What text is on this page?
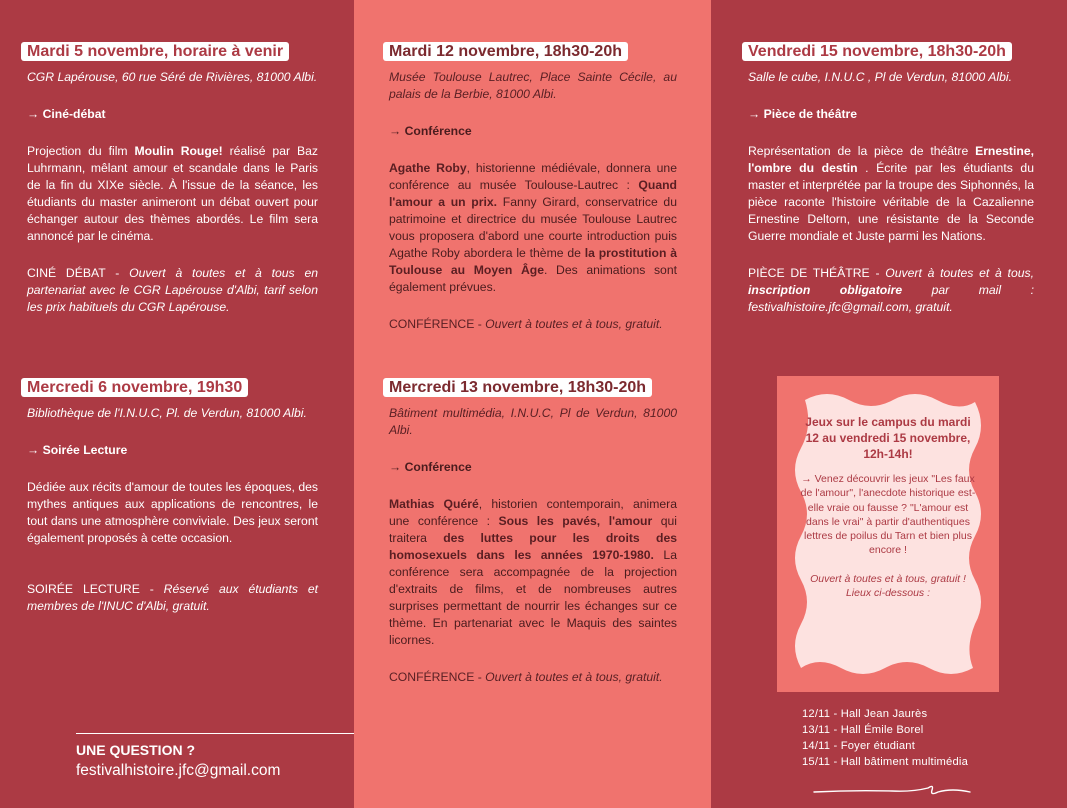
Mardi 5 novembre, horaire à venir

CGR Lapérouse, 60 rue Séré de Rivières, 81000 Albi.

→ Ciné-débat

Projection du film Moulin Rouge! réalisé par Baz Luhrmann, mêlant amour et scandale dans le Paris de la fin du XIXe siècle. À l'issue de la séance, les étudiants du master animeront un débat ouvert pour échanger autour des thèmes abordés. Le film sera annoncé par le cinéma.

CINÉ DÉBAT - Ouvert à toutes et à tous en partenariat avec le CGR Lapérouse d'Albi, tarif selon les prix habituels du CGR Lapérouse.

Mercredi 6 novembre, 19h30

Bibliothèque de l'I.N.U.C, Pl. de Verdun, 81000 Albi.

→ Soirée Lecture

Dédiée aux récits d'amour de toutes les époques, des mythes antiques aux applications de rencontres, le tout dans une atmosphère conviviale. Des jeux seront également proposés à cette occasion.

SOIRÉE LECTURE - Réservé aux étudiants et membres de l'INUC d'Albi, gratuit.

UNE QUESTION ?
festivalhistoire.jfc@gmail.com
Mardi 12 novembre, 18h30-20h

Musée Toulouse Lautrec, Place Sainte Cécile, au palais de la Berbie, 81000 Albi.

→ Conférence

Agathe Roby, historienne médiévale, donnera une conférence au musée Toulouse-Lautrec : Quand l'amour a un prix. Fanny Girard, conservatrice du patrimoine et directrice du musée Toulouse Lautrec vous proposera d'abord une courte introduction puis Agathe Roby abordera le thème de la prostitution à Toulouse au Moyen Âge. Des animations sont également prévues.

CONFÉRENCE - Ouvert à toutes et à tous, gratuit.

Mercredi 13 novembre, 18h30-20h

Bâtiment multimédia, I.N.U.C, Pl de Verdun, 81000 Albi.

→ Conférence

Mathias Quéré, historien contemporain, animera une conférence : Sous les pavés, l'amour qui traitera des luttes pour les droits des homosexuels dans les années 1970-1980. La conférence sera accompagnée de la projection d'extraits de films, et de nombreuses autres surprises permettant de nourrir les échanges sur ce thème. En partenariat avec le Maquis des saintes licornes.

CONFÉRENCE - Ouvert à toutes et à tous, gratuit.

Vendredi 15 novembre, 18h30-20h

Salle le cube, I.N.U.C , Pl de Verdun, 81000 Albi.

→ Pièce de théâtre

Représentation de la pièce de théâtre Ernestine, l'ombre du destin . Écrite par les étudiants du master et interprétée par la troupe des Siphonnés, la pièce raconte l'histoire véritable de la Cazalienne Ernestine Deltorn, une résistante de la Seconde Guerre mondiale et Juste parmi les Nations.

PIÈCE DE THÉÂTRE - Ouvert à toutes et à tous, inscription obligatoire par mail : festivalhistoire.jfc@gmail.com, gratuit.

Jeux sur le campus du mardi 12 au vendredi 15 novembre, 12h-14h!
→ Venez découvrir les jeux "Les faux de l'amour", l'anecdote historique est-elle vraie ou fausse ? "L'amour est dans le vrai" à partir d'authentiques lettres de poilus du Tarn et bien plus encore !
Ouvert à toutes et à tous, gratuit ! Lieux ci-dessous :
12/11 - Hall Jean Jaurès
13/11 - Hall Émile Borel
14/11 - Foyer étudiant
15/11 - Hall bâtiment multimédia
